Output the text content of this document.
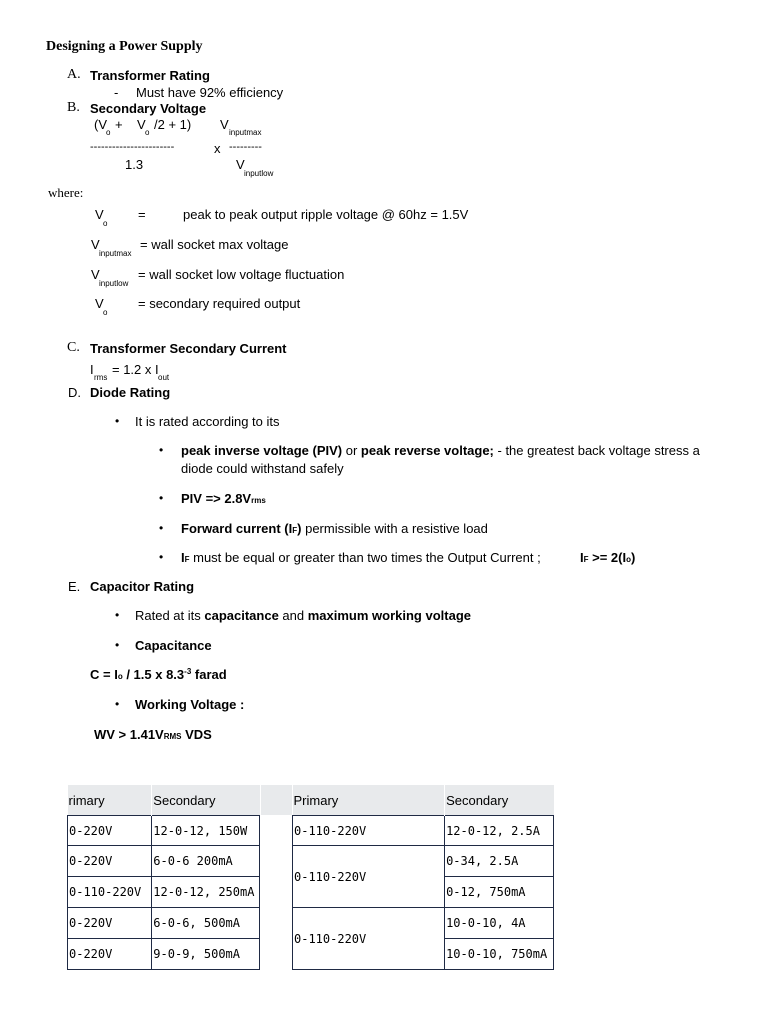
Designing a Power Supply
A. Transformer Rating
- Must have 92% efficiency
B. Secondary Voltage
(V
o
+ V
o
/2 + 1) V
inputmax
-----------------------	x ---------
1.3	V
inputlow
where:
V
o
=	peak to peak output ripple voltage @ 60hz = 1.5V
V
inputmax
= wall socket max voltage
V
inputlow
= wall socket low voltage fluctuation
V
o
= secondary required output
C. Transformer Secondary Current
I
rms
= 1.2 x I
out
D. Diode Rating
• It is rated according to its
• peak inverse voltage (PIV) or peak reverse voltage; - the greatest back voltage stress a
diode could withstand safely
• PIV => 2.8Vrms
• Forward current (IF) permissible with a resistive load
• IF must be equal or greater than two times the Output Current ;	IF >= 2(Io)
E. Capacitor Rating
• Rated at its capacitance and maximum working voltage
• Capacitance
C = Io / 1.5 x $8.3^{-3}$ farad
• Working Voltage :
WV > 1.41VRMS VDS
rimary	Secondary
0-220V	12-0-12, 150W
0-220V	6-0-6 200mA
0-110-220V	12-0-12, 250mA
0-220V	6-0-6, 500mA
0-220V	9-0-9, 500mA
Primary	Secondary
0-110-220V	12-0-12, 2.5A
0-110-220V	0-34, 2.5A
	0-12, 750mA
0-110-220V	10-0-10, 4A
	10-0-10, 750mA
